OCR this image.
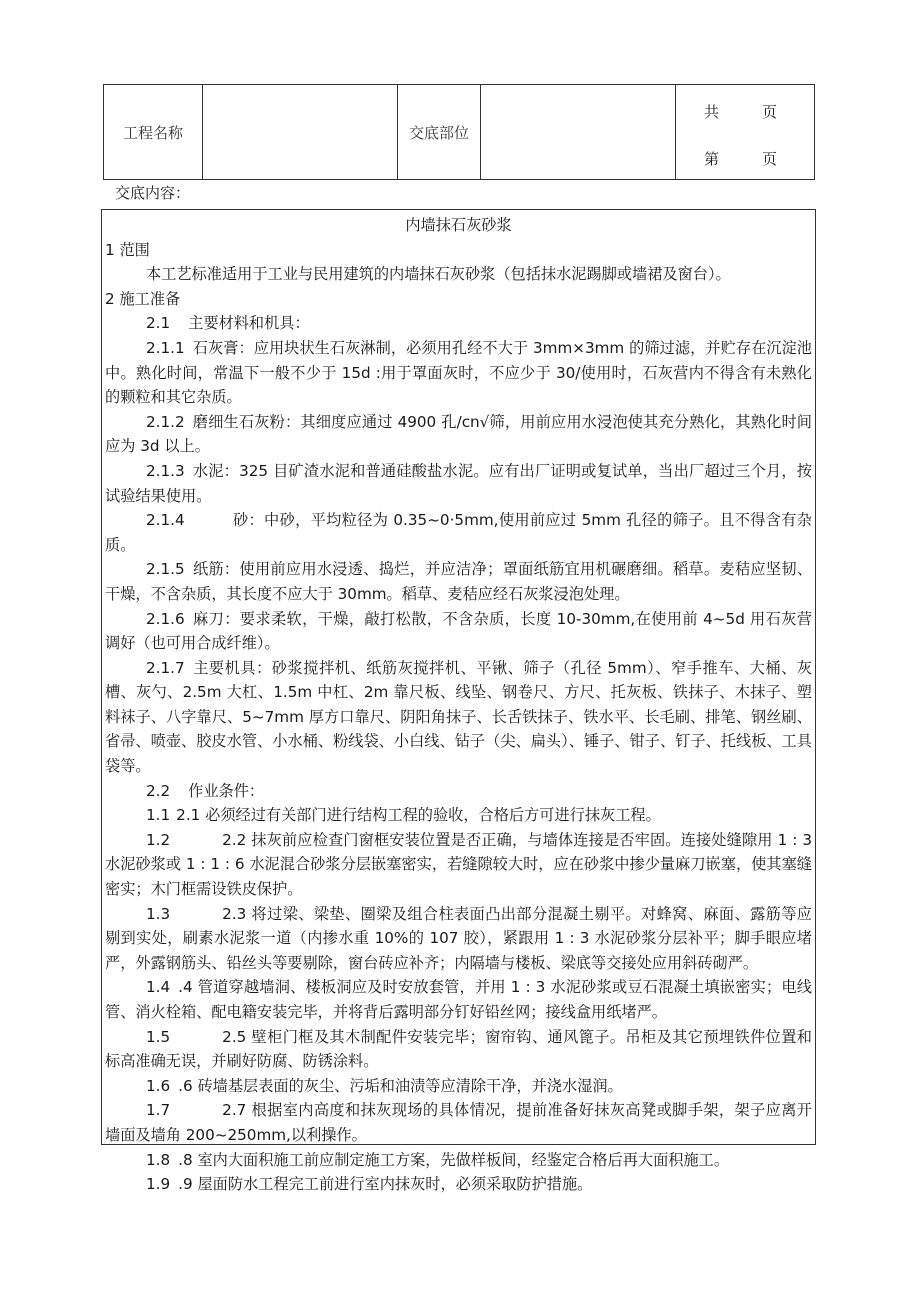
工程名称		交底部位		
共	页
第	页
交底内容：
内墙抹石灰砂浆

1 范围

本工艺标准适用于工业与民用建筑的内墙抹石灰砂浆（包括抹水泥踢脚或墙裙及窗台）。

2 施工准备

2.1 主要材料和机具：

2.1.1 石灰膏：应用块状生石灰淋制，必须用孔经不大于 3mm×3mm 的筛过滤，并贮存在沉淀池中。熟化时间，常温下一般不少于 15d :用于罩面灰时，不应少于 30/使用时，石灰营内不得含有未熟化的颗粒和其它杂质。

2.1.2 磨细生石灰粉：其细度应通过 4900 孔/cn√筛，用前应用水浸泡使其充分熟化，其熟化时间应为 3d 以上。

2.1.3 水泥：325 目矿渣水泥和普通硅酸盐水泥。应有出厂证明或复试单，当出厂超过三个月，按试验结果使用。

2.1.4	砂：中砂，平均粒径为 0.35~0·5mm,使用前应过 5mm 孔径的筛子。且不得含有杂质。

2.1.5 纸筋：使用前应用水浸透、捣烂，并应洁净；罩面纸筋宜用机碾磨细。稻草。麦秸应坚韧、干燥，不含杂质，其长度不应大于 30mm。稻草、麦秸应经石灰浆浸泡处理。

2.1.6 麻刀：要求柔软，干燥，敲打松散，不含杂质，长度 10-30mm,在使用前 4~5d 用石灰营调好（也可用合成纤维）。

2.1.7 主要机具：砂浆搅拌机、纸筋灰搅拌机、平锹、筛子（孔径 5mm）、窄手推车、大桶、灰槽、灰勺、2.5m 大杠、1.5m 中杠、2m 靠尺板、线坠、钢卷尺、方尺、托灰板、铁抹子、木抹子、塑料袜子、八字靠尺、5~7mm 厚方口靠尺、阴阳角抹子、长舌铁抹子、铁水平、长毛刷、排笔、钢丝刷、省帚、喷壶、胶皮水管、小水桶、粉线袋、小白线、钻子（尖、扁头）、锤子、钳子、钉子、托线板、工具袋等。

2.2 作业条件：

1.1 2.1 必须经过有关部门进行结构工程的验收，合格后方可进行抹灰工程。

1.2	2.2 抹灰前应检查门窗框安装位置是否正确，与墙体连接是否牢固。连接处缝隙用 1 : 3 水泥砂浆或 1 : 1 : 6 水泥混合砂浆分层嵌塞密实，若缝隙较大时，应在砂浆中掺少量麻刀嵌塞，使其塞缝密实；木门框需设铁皮保护。

1.3	2.3 将过梁、梁垫、圈梁及组合柱表面凸出部分混凝土剔平。对蜂窝、麻面、露筋等应剔到实处，刷素水泥浆一道（内掺水重 10%的 107 胶），紧跟用 1 : 3 水泥砂浆分层补平；脚手眼应堵严，外露钢筋头、铅丝头等要剔除，窗台砖应补齐；内隔墙与楼板、梁底等交接处应用斜砖砌严。

1.4 .4 管道穿越墙洞、楼板洞应及时安放套管，并用 1 : 3 水泥砂浆或豆石混凝土填嵌密实；电线管、消火栓箱、配电籍安装完毕，并将背后露明部分钉好铅丝网；接线盒用纸堵严。

1.5	2.5 壁柜门框及其木制配件安装完毕；窗帘钩、通风篦子。吊柜及其它预埋铁件位置和标高准确无误，并刷好防腐、防锈涂料。

1.6 .6 砖墙基层表面的灰尘、污垢和油渍等应清除干净，并浇水湿润。

1.7	2.7 根据室内高度和抹灰现场的具体情况，提前准备好抹灰高凳或脚手架，架子应离开墙面及墙角 200~250mm,以利操作。

1.8 .8 室内大面积施工前应制定施工方案，先做样板间，经鉴定合格后再大面积施工。

1.9 .9 屋面防水工程完工前进行室内抹灰时，必须采取防护措施。
